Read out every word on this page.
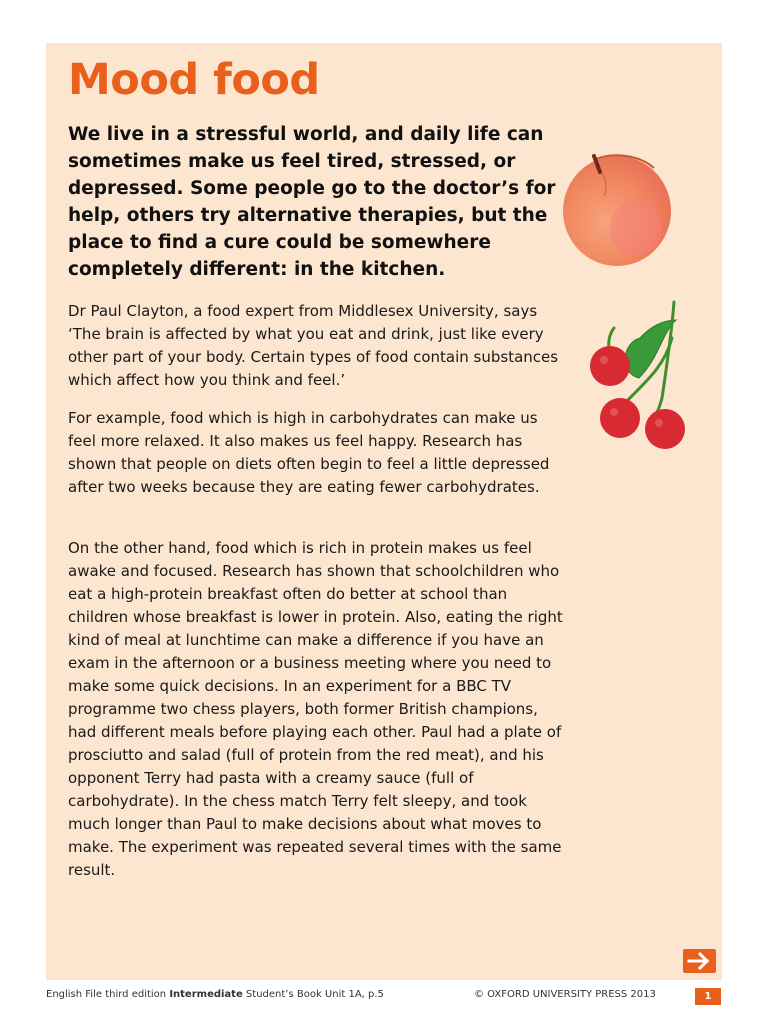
Mood food

We live in a stressful world, and daily life can sometimes make us feel tired, stressed, or depressed. Some people go to the doctor’s for help, others try alternative therapies, but the place to find a cure could be somewhere completely different: in the kitchen.

Dr Paul Clayton, a food expert from Middlesex University, says ‘The brain is affected by what you eat and drink, just like every other part of your body. Certain types of food contain substances which affect how you think and feel.’

For example, food which is high in carbohydrates can make us feel more relaxed. It also makes us feel happy. Research has shown that people on diets often begin to feel a little depressed after two weeks because they are eating fewer carbohydrates.

On the other hand, food which is rich in protein makes us feel awake and focused. Research has shown that schoolchildren who eat a high-protein breakfast often do better at school than children whose breakfast is lower in protein. Also, eating the right kind of meal at lunchtime can make a difference if you have an exam in the afternoon or a business meeting where you need to make some quick decisions. In an experiment for a BBC TV programme two chess players, both former British champions, had different meals before playing each other. Paul had a plate of prosciutto and salad (full of protein from the red meat), and his opponent Terry had pasta with a creamy sauce (full of carbohydrate). In the chess match Terry felt sleepy, and took much longer than Paul to make decisions about what moves to make. The experiment was repeated several times with the same result.

English File third edition Intermediate Student’s Book Unit 1A, p.5	© OXFORD UNIVERSITY PRESS 2013	1
